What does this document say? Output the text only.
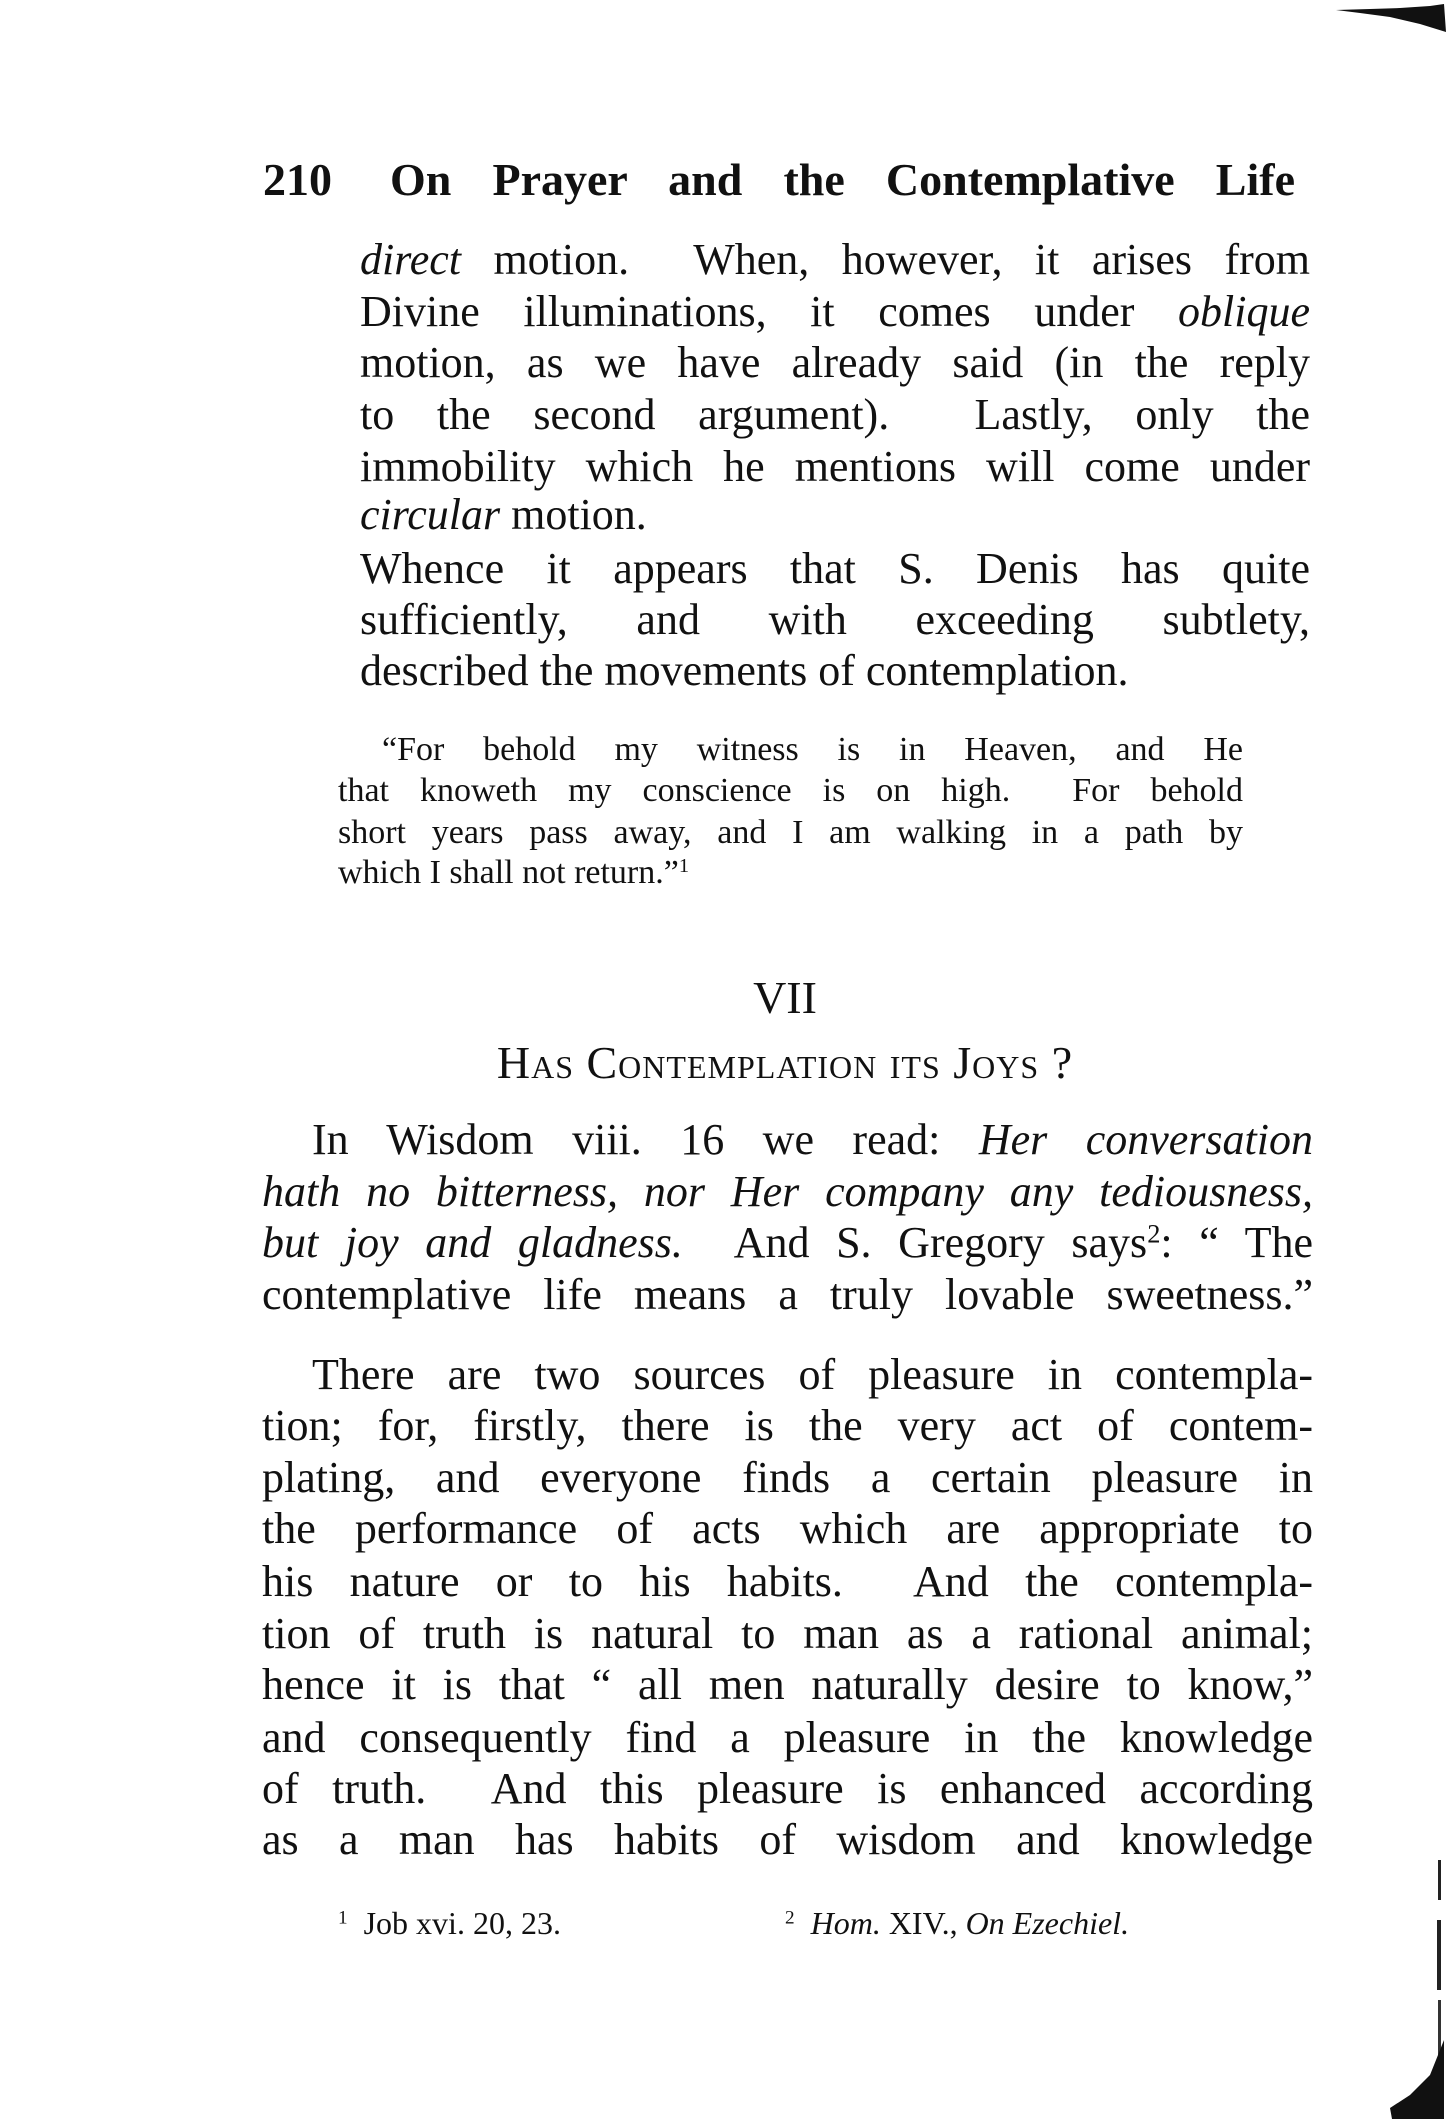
210 On Prayer and the Contemplative Life
direct motion.  When, however, it arises from
Divine illuminations, it comes under oblique
motion, as we have already said (in the reply
to the second argument).  Lastly, only the
immobility which he mentions will come under
circular motion.
Whence it appears that S. Denis has quite
sufficiently, and with exceeding subtlety,
described the movements of contemplation.
“For behold my witness is in Heaven, and He
that knoweth my conscience is on high.  For behold
short years pass away, and I am walking in a path by
which I shall not return.”$^1$
VII
Has Contemplation its Joys ?
In Wisdom viii. 16 we read: Her conversation
hath no bitterness, nor Her company any tediousness,
but joy and gladness.  And S. Gregory says$^2$: “ The
contemplative life means a truly lovable sweetness.”
There are two sources of pleasure in contempla-
tion; for, firstly, there is the very act of contem-
plating, and everyone finds a certain pleasure in
the performance of acts which are appropriate to
his nature or to his habits.  And the contempla-
tion of truth is natural to man as a rational animal;
hence it is that “ all men naturally desire to know,”
and consequently find a pleasure in the knowledge
of truth.  And this pleasure is enhanced according
as a man has habits of wisdom and knowledge
$^1$ Job xvi. 20, 23.	$^2$ Hom. XIV., On Ezechiel.
